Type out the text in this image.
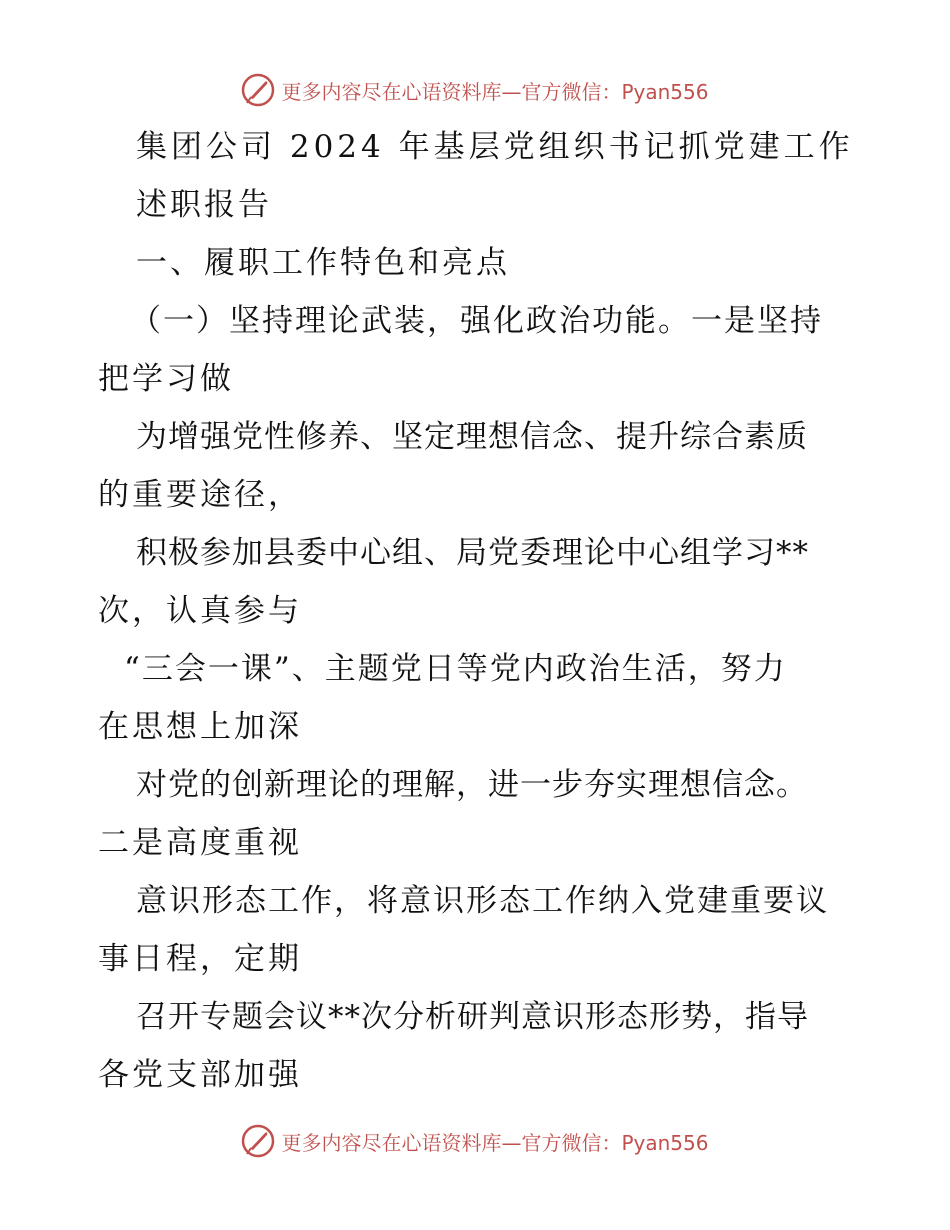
更多内容尽在心语资料库—官方微信：Pyan556
集团公司 2024 年基层党组织书记抓党建工作
述职报告
一、履职工作特色和亮点
（一）坚持理论武装，强化政治功能。一是坚持
把学习做
为增强党性修养、坚定理想信念、提升综合素质
的重要途径，
积极参加县委中心组、局党委理论中心组学习**
次，认真参与
“三会一课”、主题党日等党内政治生活，努力
在思想上加深
对党的创新理论的理解，进一步夯实理想信念。
二是高度重视
意识形态工作，将意识形态工作纳入党建重要议
事日程，定期
召开专题会议**次分析研判意识形态形势，指导
各党支部加强
更多内容尽在心语资料库—官方微信：Pyan556
